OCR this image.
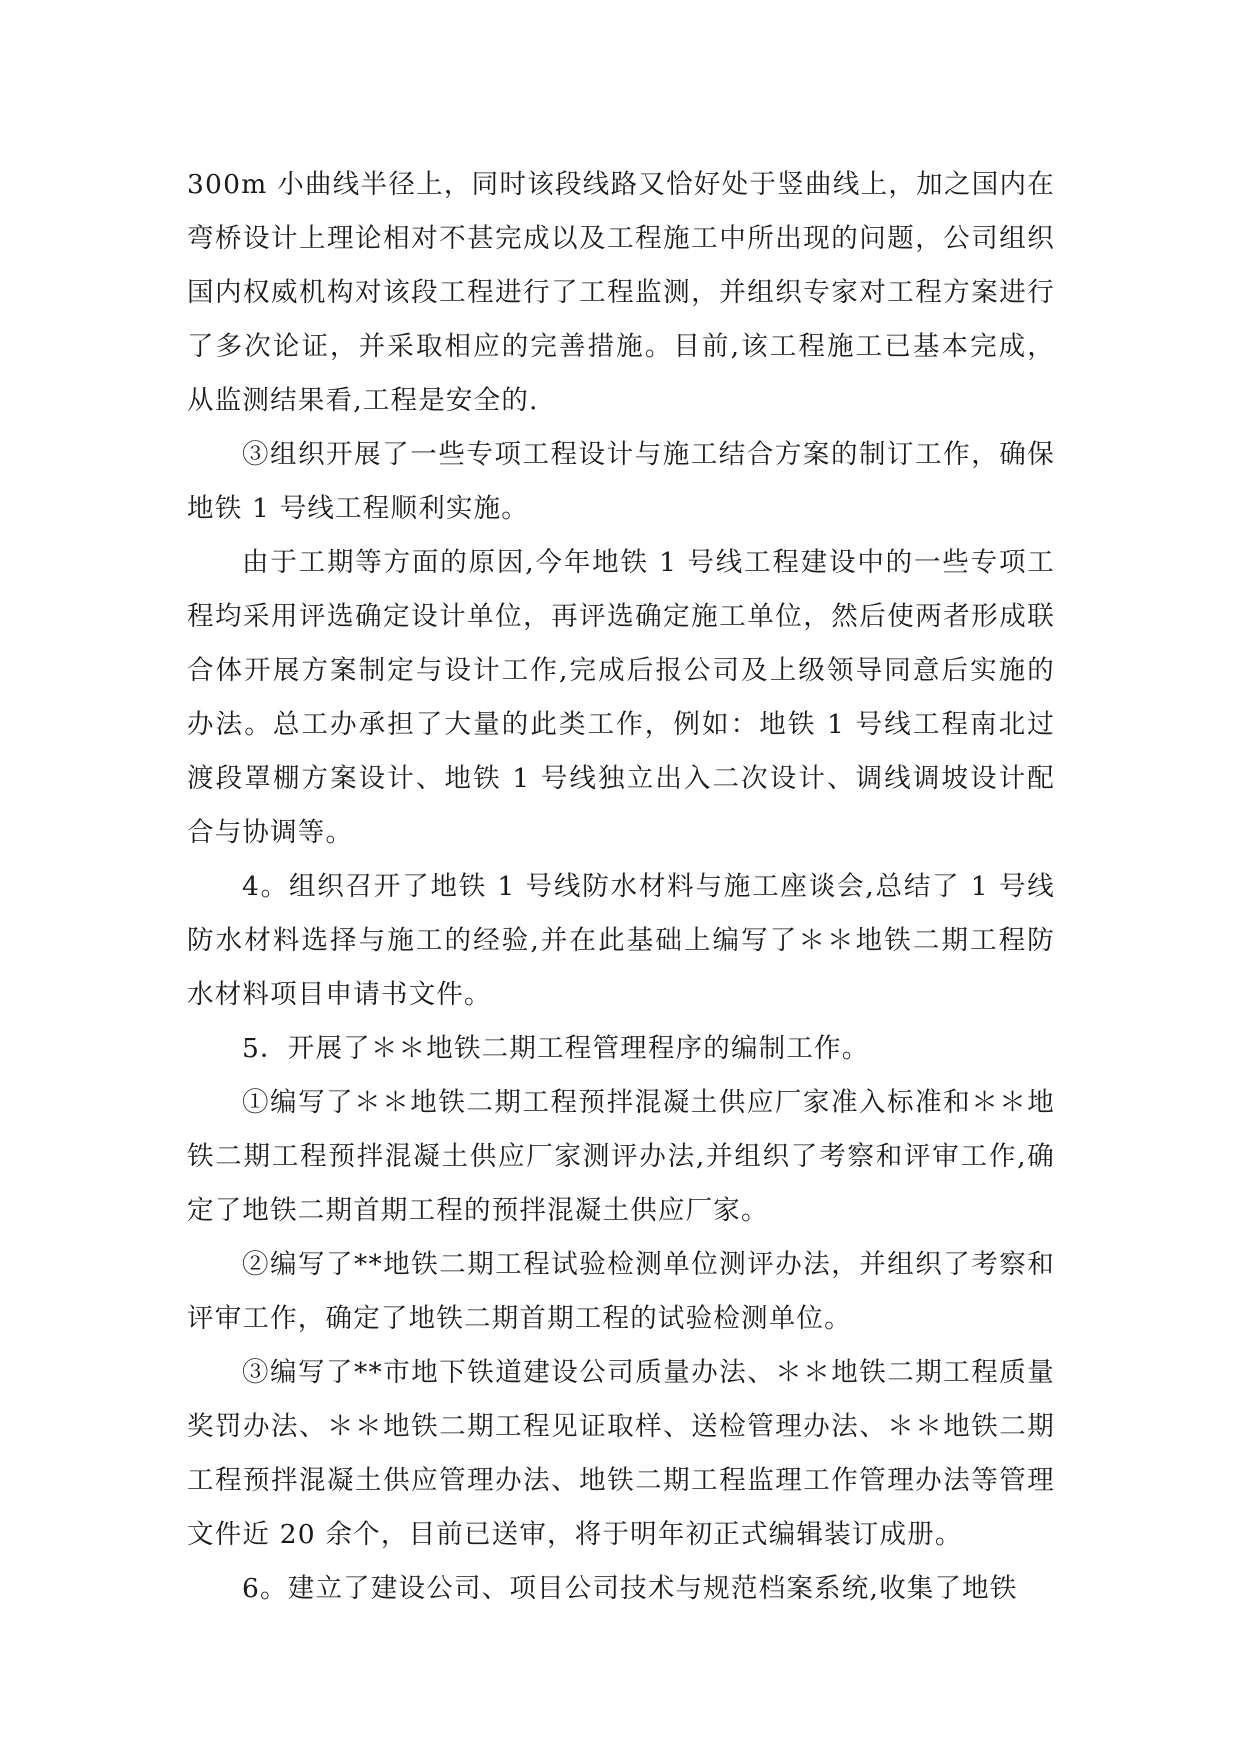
300m 小曲线半径上，同时该段线路又恰好处于竖曲线上，加之国内在弯桥设计上理论相对不甚完成以及工程施工中所出现的问题，公司组织国内权威机构对该段工程进行了工程监测，并组织专家对工程方案进行了多次论证，并采取相应的完善措施。目前,该工程施工已基本完成，从监测结果看,工程是安全的.

③组织开展了一些专项工程设计与施工结合方案的制订工作，确保地铁 1 号线工程顺利实施。

由于工期等方面的原因,今年地铁 1 号线工程建设中的一些专项工程均采用评选确定设计单位，再评选确定施工单位，然后使两者形成联合体开展方案制定与设计工作,完成后报公司及上级领导同意后实施的办法。总工办承担了大量的此类工作，例如：地铁 1 号线工程南北过渡段罩棚方案设计、地铁 1 号线独立出入二次设计、调线调坡设计配合与协调等。

4。组织召开了地铁 1 号线防水材料与施工座谈会,总结了 1 号线防水材料选择与施工的经验,并在此基础上编写了＊＊地铁二期工程防水材料项目申请书文件。

5．开展了＊＊地铁二期工程管理程序的编制工作。

①编写了＊＊地铁二期工程预拌混凝土供应厂家准入标准和＊＊地铁二期工程预拌混凝土供应厂家测评办法,并组织了考察和评审工作,确定了地铁二期首期工程的预拌混凝土供应厂家。

②编写了**地铁二期工程试验检测单位测评办法，并组织了考察和评审工作，确定了地铁二期首期工程的试验检测单位。

③编写了**市地下铁道建设公司质量办法、＊＊地铁二期工程质量奖罚办法、＊＊地铁二期工程见证取样、送检管理办法、＊＊地铁二期工程预拌混凝土供应管理办法、地铁二期工程监理工作管理办法等管理文件近 20 余个，目前已送审，将于明年初正式编辑装订成册。

6。建立了建设公司、项目公司技术与规范档案系统,收集了地铁
